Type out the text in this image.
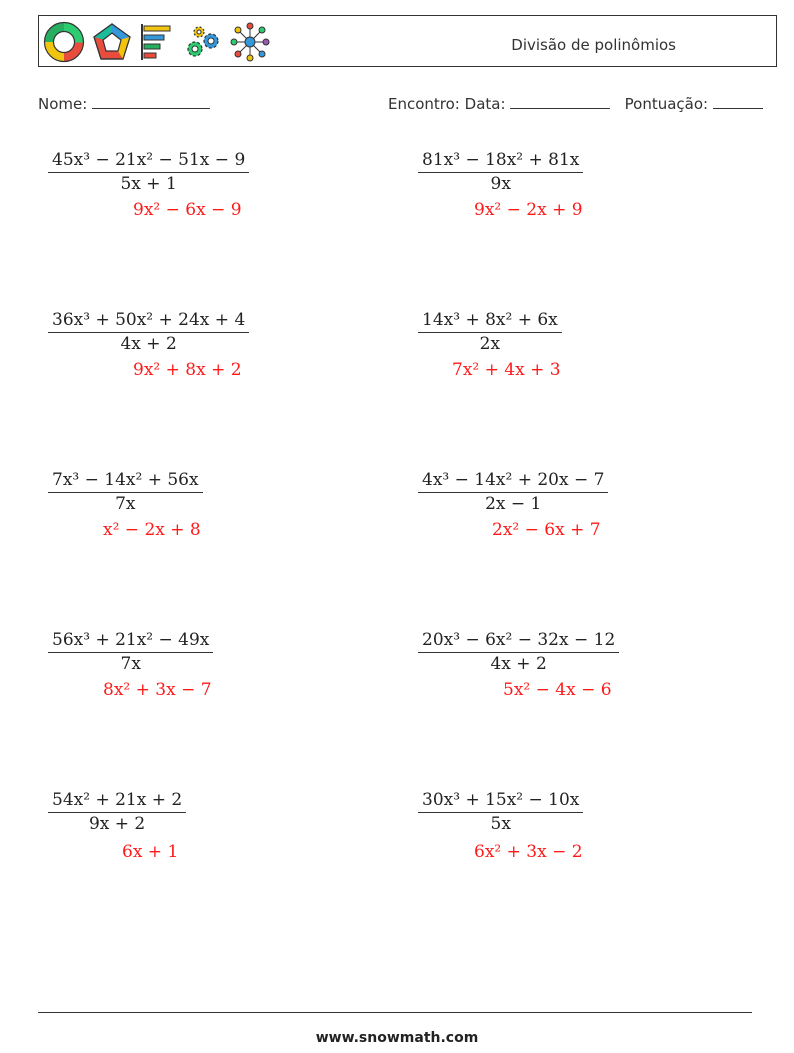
Divisão de polinômios
Nome:	Encontro: Data:	Pontuação:
$\frac{\text{45x³ − 21x² − 51x − 9}}{5x + 1}$
9x² − 6x − 9
$\frac{\text{36x³ + 50x² + 24x + 4}}{4x + 2}$
9x² + 8x + 2
$\frac{\text{7x³ − 14x² + 56x}}{7x}$
x² − 2x + 8
$\frac{\text{56x³ + 21x² − 49x}}{7x}$
8x² + 3x − 7
$\frac{\text{54x² + 21x + 2}}{9x + 2}$
6x + 1
$\frac{\text{81x³ − 18x² + 81x}}{9x}$
9x² − 2x + 9
$\frac{\text{14x³ + 8x² + 6x}}{2x}$
7x² + 4x + 3
$\frac{\text{4x³ − 14x² + 20x − 7}}{2x - 1}$
2x² − 6x + 7
$\frac{\text{20x³ − 6x² − 32x − 12}}{4x + 2}$
5x² − 4x − 6
$\frac{\text{30x³ + 15x² − 10x}}{5x}$
6x² + 3x − 2
www.snowmath.com
